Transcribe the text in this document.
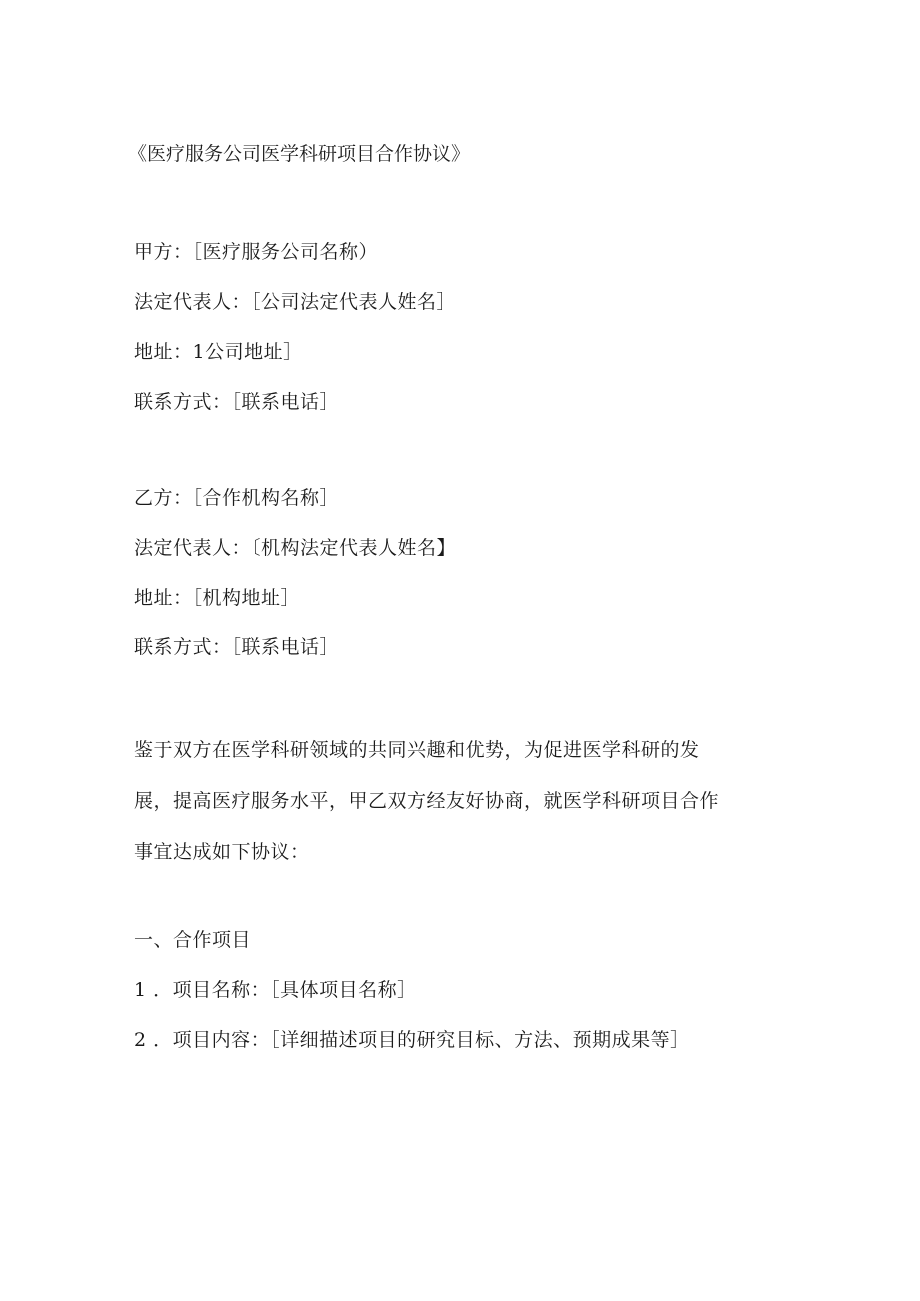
《医疗服务公司医学科研项目合作协议》
甲方：［医疗服务公司名称）
法定代表人：［公司法定代表人姓名］
地址：1公司地址］
联系方式：［联系电话］
乙方：［合作机构名称］
法定代表人：〔机构法定代表人姓名】
地址：［机构地址］
联系方式：［联系电话］
鉴于双方在医学科研领域的共同兴趣和优势，为促进医学科研的发
展，提高医疗服务水平，甲乙双方经友好协商，就医学科研项目合作
事宜达成如下协议：
一、合作项目
1 ．项目名称：［具体项目名称］
2 ．项目内容：［详细描述项目的研究目标、方法、预期成果等］
